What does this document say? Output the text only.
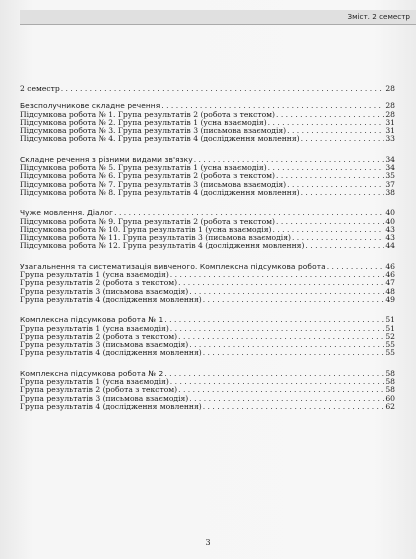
Зміст. 2 семестр
2 семестр . . .	28
Безсполучникове складне речення . . .	28
Підсумкова робота № 1. Група результатів 2 (робота з текстом) . . .	28
Підсумкова робота № 2. Група результатів 1 (усна взаємодія) . . .	31
Підсумкова робота № 3. Група результатів 3 (письмова взаємодія) . . .	31
Підсумкова робота № 4. Група результатів 4 (дослідження мовлення) . . .	33
Складне речення з різними видами зв'язку . . .	34
Підсумкова робота № 5. Група результатів 1 (усна взаємодія) . . .	34
Підсумкова робота № 6. Група результатів 2 (робота з текстом) . . .	35
Підсумкова робота № 7. Група результатів 3 (письмова взаємодія) . . .	37
Підсумкова робота № 8. Група результатів 4 (дослідження мовлення) . . .	38
Чуже мовлення. Діалог . . .	40
Підсумкова робота № 9. Група результатів 2 (робота з текстом) . . .	40
Підсумкова робота № 10. Група результатів 1 (усна взаємодія) . . .	43
Підсумкова робота № 11. Група результатів 3 (письмова взаємодія) . . .	43
Підсумкова робота № 12. Група результатів 4 (дослідження мовлення) . . .	44
Узагальнення та систематизація вивченого. Комплексна підсумкова робота . . .	46
Група результатів 1 (усна взаємодія) . . .	46
Група результатів 2 (робота з текстом) . . .	47
Група результатів 3 (письмова взаємодія) . . .	48
Група результатів 4 (дослідження мовлення) . . .	49
Комплексна підсумкова робота № 1 . . .	51
Група результатів 1 (усна взаємодія) . . .	51
Група результатів 2 (робота з текстом) . . .	52
Група результатів 3 (письмова взаємодія) . . .	55
Група результатів 4 (дослідження мовлення) . . .	55
Комплексна підсумкова робота № 2 . . .	58
Група результатів 1 (усна взаємодія) . . .	58
Група результатів 2 (робота з текстом) . . .	58
Група результатів 3 (письмова взаємодія) . . .	60
Група результатів 4 (дослідження мовлення) . . .	62
3
